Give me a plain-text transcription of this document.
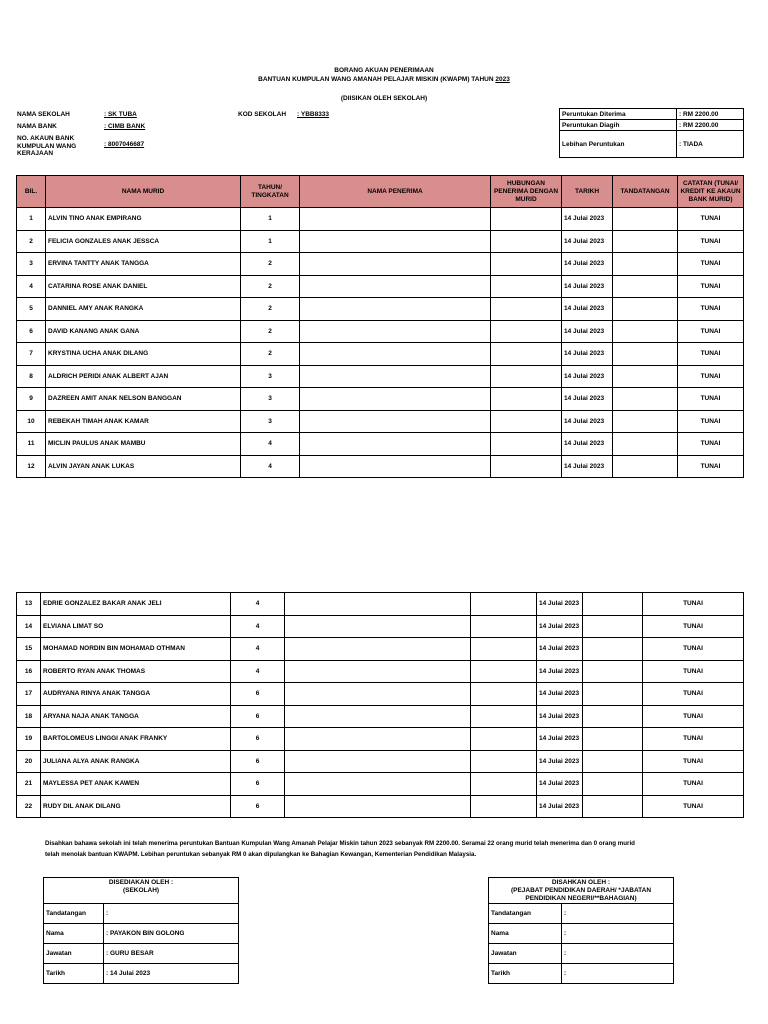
BORANG AKUAN PENERIMAAN
BANTUAN KUMPULAN WANG AMANAH PELAJAR MISKIN (KWAPM) TAHUN 2023
(DIISIKAN OLEH SEKOLAH)
NAMA SEKOLAH	: SK TUBA
NAMA BANK	: CIMB BANK
NO. AKAUN BANK KUMPULAN WANG KERAJAAN
: 8007046687
KOD SEKOLAH : YBB8333	Peruntukan Diterima	: RM 2200.00
Peruntukan Diagih	: RM 2200.00
Lebihan Peruntukan	: TIADA
BIL.	NAMA MURID	TAHUN/ TINGKATAN	NAMA PENERIMA	HUBUNGAN PENERIMA DENGAN MURID	TARIKH	TANDATANGAN	CATATAN (TUNAI/ KREDIT KE AKAUN BANK MURID)
1	ALVIN TINO ANAK EMPIRANG	1			14 Julai 2023		TUNAI
2	FELICIA GONZALES ANAK JESSCA	1			14 Julai 2023		TUNAI
3	ERVINA TANTTY ANAK TANGGA	2			14 Julai 2023		TUNAI
4	CATARINA ROSE ANAK DANIEL	2			14 Julai 2023		TUNAI
5	DANNIEL AMY ANAK RANGKA	2			14 Julai 2023		TUNAI
6	DAVID KANANG ANAK GANA	2			14 Julai 2023		TUNAI
7	KRYSTINA UCHA ANAK DILANG	2			14 Julai 2023		TUNAI
8	ALDRICH PERIDI ANAK ALBERT AJAN	3			14 Julai 2023		TUNAI
9	DAZREEN AMIT ANAK NELSON BANGGAN	3			14 Julai 2023		TUNAI
10	REBEKAH TIMAH ANAK KAMAR	3			14 Julai 2023		TUNAI
11	MICLIN PAULUS ANAK MAMBU	4			14 Julai 2023		TUNAI
12	ALVIN JAYAN ANAK LUKAS	4			14 Julai 2023		TUNAI
13	EDRIE GONZALEZ BAKAR ANAK JELI	4			14 Julai 2023		TUNAI
14	ELVIANA LIMAT SO	4			14 Julai 2023		TUNAI
15	MOHAMAD NORDIN BIN MOHAMAD OTHMAN	4			14 Julai 2023		TUNAI
16	ROBERTO RYAN ANAK THOMAS	4			14 Julai 2023		TUNAI
17	AUDRYANA RINYA ANAK TANGGA	6			14 Julai 2023		TUNAI
18	ARYANA NAJA ANAK TANGGA	6			14 Julai 2023		TUNAI
19	BARTOLOMEUS LINGGI ANAK FRANKY	6			14 Julai 2023		TUNAI
20	JULIANA ALYA ANAK RANGKA	6			14 Julai 2023		TUNAI
21	MAYLESSA PET ANAK KAWEN	6			14 Julai 2023		TUNAI
22	RUDY DIL ANAK DILANG	6			14 Julai 2023		TUNAI
Disahkan bahawa sekolah ini telah menerima peruntukan Bantuan Kumpulan Wang Amanah Pelajar Miskin tahun 2023 sebanyak RM 2200.00. Seramai 22 orang murid telah menerima dan 0 orang murid
telah menolak bantuan KWAPM. Lebihan peruntukan sebanyak RM 0 akan dipulangkan ke Bahagian Kewangan, Kementerian Pendidikan Malaysia.
DISEDIAKAN OLEH :
(SEKOLAH)	

Tandatangan	:
Nama	: PAYAKON BIN GOLONG
Jawatan	: GURU BESAR
Tarikh	: 14 Julai 2023
DISAHKAN OLEH :
(PEJABAT PENDIDIKAN DAERAH/ *JABATAN PENDIDIKAN NEGERI/**BAHAGIAN)	

Tandatangan	:
Nama	:
Jawatan	:
Tarikh	:
